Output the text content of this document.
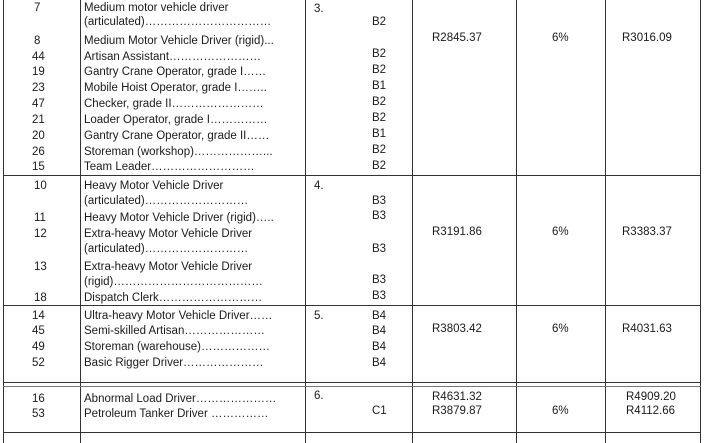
7	Medium motor vehicle driver
(articulated)……………………………	B2
8	Medium Motor Vehicle Driver (rigid)...
44	Artisan Assistant……………………	B2
19	Gantry Crane Operator, grade I……	B2
23	Mobile Hoist Operator, grade I……..	B1
47	Checker, grade II……………………	B2
21	Loader Operator, grade I……………	B2
20	Gantry Crane Operator, grade II……	B1
26	Storeman (workshop)………………...	B2
15	Team Leader………………………	B2
3.
R2845.37	6%	R3016.09
10	Heavy Motor Vehicle Driver
(articulated)………………………	B3
11	Heavy Motor Vehicle Driver (rigid)…..	B3
12	Extra-heavy Motor Vehicle Driver
(articulated)………………………	B3
13	Extra-heavy Motor Vehicle Driver
(rigid)…………………………………	B3
18	Dispatch Clerk………………………	B3
4.
R3191.86	6%	R3383.37
14	Ultra-heavy Motor Vehicle Driver……	B4
45	Semi-skilled Artisan…………………	B4
49	Storeman (warehouse)………………	B4
52	Basic Rigger Driver…………………	B4
5.
R3803.42	6%	R4031.63
16	Abnormal Load Driver…………………
53	Petroleum Tanker Driver ……………	C1
6.	R4631.32	R4909.20
R3879.87	6%	R4112.66
